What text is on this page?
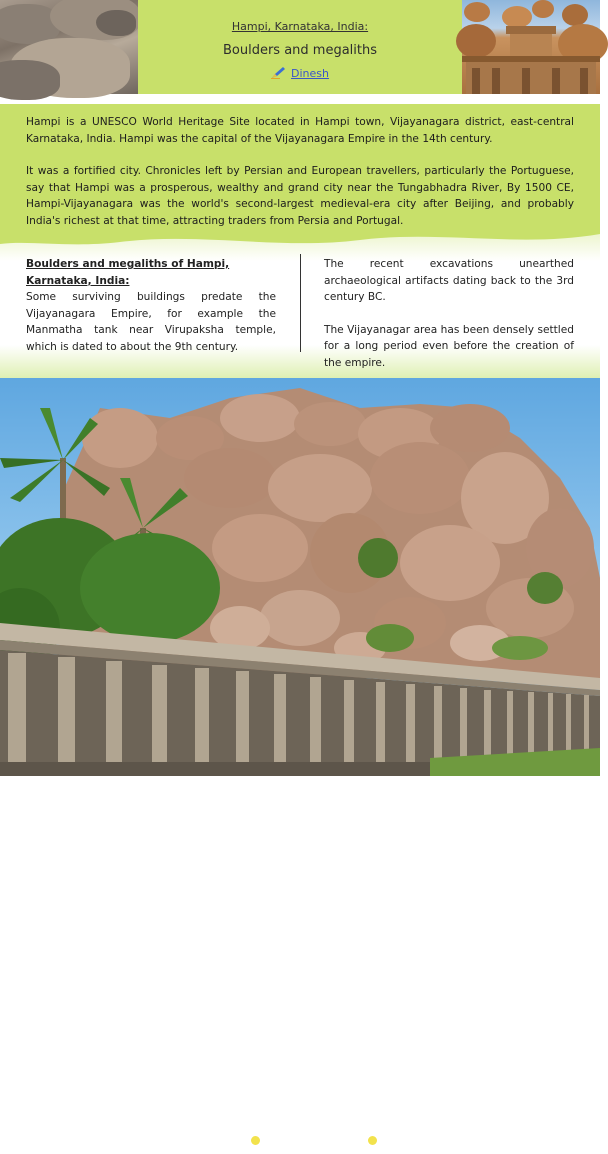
Hampi, Karnataka, India:
Boulders and megaliths
Dinesh

Hampi is a UNESCO World Heritage Site located in Hampi town, Vijayanagara district, east-central Karnataka, India. Hampi was the capital of the Vijayanagara Empire in the 14th century.

It was a fortified city. Chronicles left by Persian and European travellers, particularly the Portuguese, say that Hampi was a prosperous, wealthy and grand city near the Tungabhadra River, By 1500 CE, Hampi-Vijayanagara was the world's second-largest medieval-era city after Beijing, and probably India's richest at that time, attracting traders from Persia and Portugal.

Boulders and megaliths of Hampi, Karnataka, India:
Some surviving buildings predate the Vijayanagara Empire, for example the Manmatha tank near Virupaksha temple, which is dated to about the 9th century.

The recent excavations unearthed archaeological artifacts dating back to the 3rd century BC.

The Vijayanagar area has been densely settled for a long period even before the creation of the empire.

A TO Z INDIA FEBRUARY 2023 PAGE 29
